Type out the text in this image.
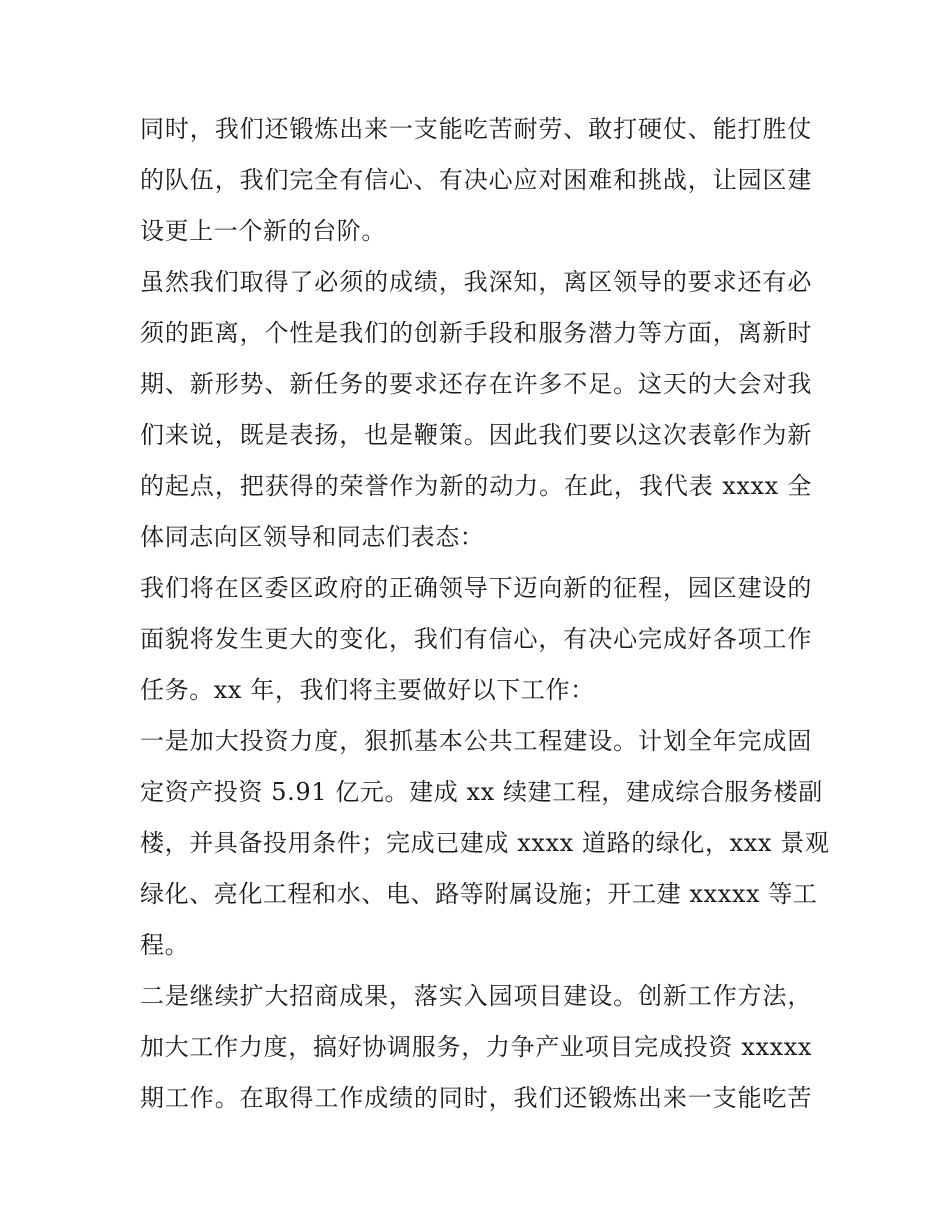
同时，我们还锻炼出来一支能吃苦耐劳、敢打硬仗、能打胜仗
的队伍，我们完全有信心、有决心应对困难和挑战，让园区建
设更上一个新的台阶。
虽然我们取得了必须的成绩，我深知，离区领导的要求还有必
须的距离，个性是我们的创新手段和服务潜力等方面，离新时
期、新形势、新任务的要求还存在许多不足。这天的大会对我
们来说，既是表扬，也是鞭策。因此我们要以这次表彰作为新
的起点，把获得的荣誉作为新的动力。在此，我代表 xxxx 全
体同志向区领导和同志们表态：
我们将在区委区政府的正确领导下迈向新的征程，园区建设的
面貌将发生更大的变化，我们有信心，有决心完成好各项工作
任务。xx 年，我们将主要做好以下工作：
一是加大投资力度，狠抓基本公共工程建设。计划全年完成固
定资产投资 5.91 亿元。建成 xx 续建工程，建成综合服务楼副
楼，并具备投用条件；完成已建成 xxxx 道路的绿化，xxx 景观
绿化、亮化工程和水、电、路等附属设施；开工建 xxxxx 等工
程。
二是继续扩大招商成果，落实入园项目建设。创新工作方法，
加大工作力度，搞好协调服务，力争产业项目完成投资 xxxxx
期工作。在取得工作成绩的同时，我们还锻炼出来一支能吃苦
